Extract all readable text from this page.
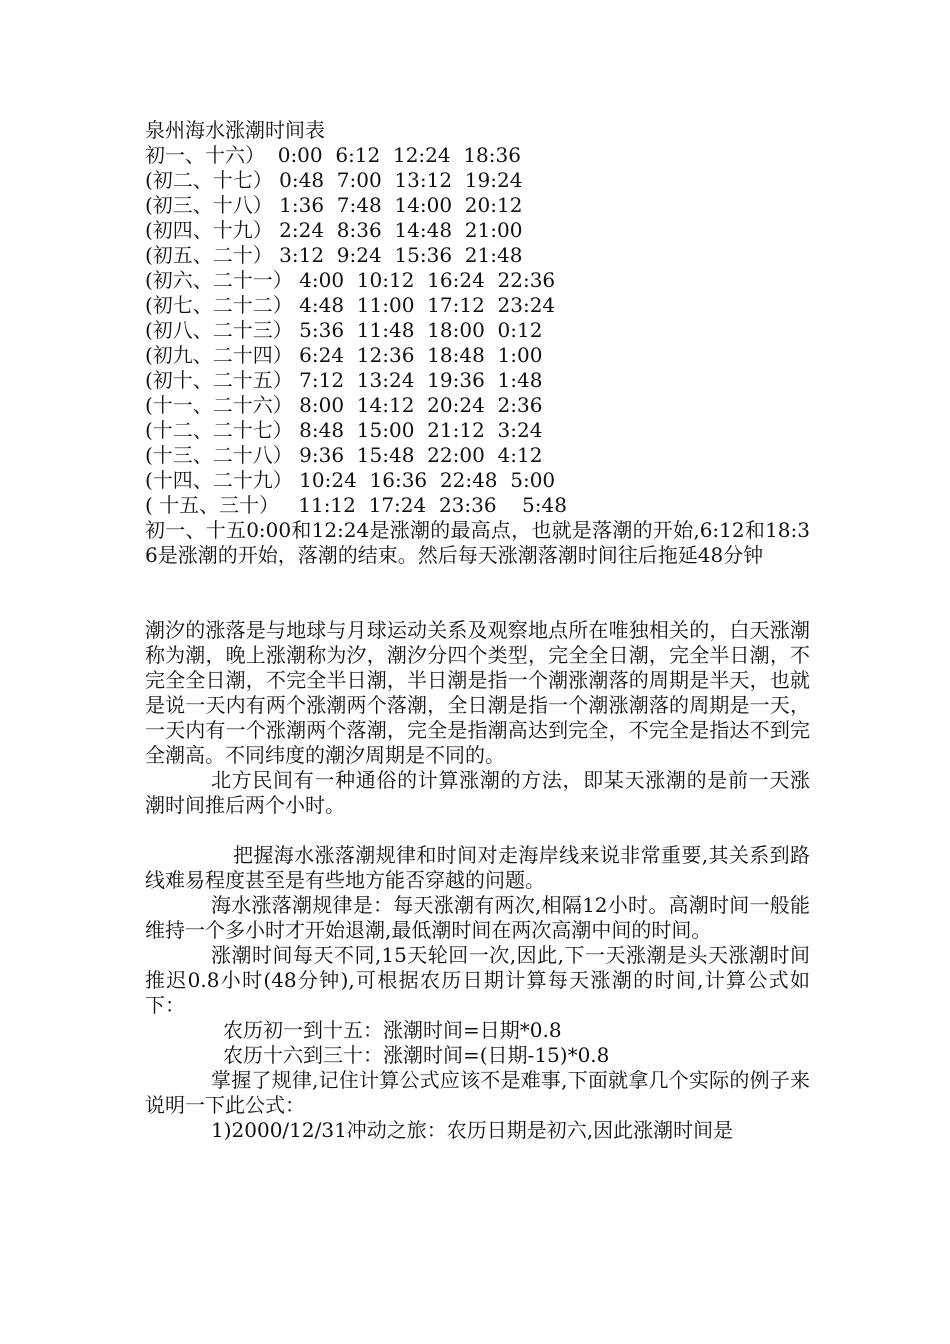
泉州海水涨潮时间表
初一、十六） 0:00  6:12  12:24  18:36
(初二、十七） 0:48  7:00  13:12  19:24
(初三、十八） 1:36  7:48  14:00  20:12
(初四、十九） 2:24  8:36  14:48  21:00
(初五、二十） 3:12  9:24  15:36  21:48
(初六、二十一） 4:00  10:12  16:24  22:36
(初七、二十二） 4:48  11:00  17:12  23:24
(初八、二十三） 5:36  11:48  18:00  0:12
(初九、二十四） 6:24  12:36  18:48  1:00
(初十、二十五） 7:12  13:24  19:36  1:48
(十一、二十六） 8:00  14:12  20:24  2:36
(十二、二十七） 8:48  15:00  21:12  3:24
(十三、二十八） 9:36  15:48  22:00  4:12
(十四、二十九） 10:24  16:36  22:48  5:00
( 十五、三十）   11:12  17:24  23:36    5:48
初一、十五0:00和12:24是涨潮的最高点，也就是落潮的开始,6:12和18:36是涨潮的开始，落潮的结束。然后每天涨潮落潮时间往后拖延48分钟
潮汐的涨落是与地球与月球运动关系及观察地点所在唯独相关的，白天涨潮称为潮，晚上涨潮称为汐，潮汐分四个类型，完全全日潮，完全半日潮，不完全全日潮，不完全半日潮，半日潮是指一个潮涨潮落的周期是半天，也就是说一天内有两个涨潮两个落潮，全日潮是指一个潮涨潮落的周期是一天，一天内有一个涨潮两个落潮，完全是指潮高达到完全，不完全是指达不到完全潮高。不同纬度的潮汐周期是不同的。
北方民间有一种通俗的计算涨潮的方法，即某天涨潮的是前一天涨潮时间推后两个小时。
把握海水涨落潮规律和时间对走海岸线来说非常重要,其关系到路线难易程度甚至是有些地方能否穿越的问题。
海水涨落潮规律是：每天涨潮有两次,相隔12小时。高潮时间一般能维持一个多小时才开始退潮,最低潮时间在两次高潮中间的时间。
涨潮时间每天不同,15天轮回一次,因此,下一天涨潮是头天涨潮时间推迟0.8小时(48分钟),可根据农历日期计算每天涨潮的时间,计算公式如下：
农历初一到十五：涨潮时间=日期*0.8
农历十六到三十：涨潮时间=(日期-15)*0.8
掌握了规律,记住计算公式应该不是难事,下面就拿几个实际的例子来说明一下此公式：
1)2000/12/31冲动之旅：农历日期是初六,因此涨潮时间是
